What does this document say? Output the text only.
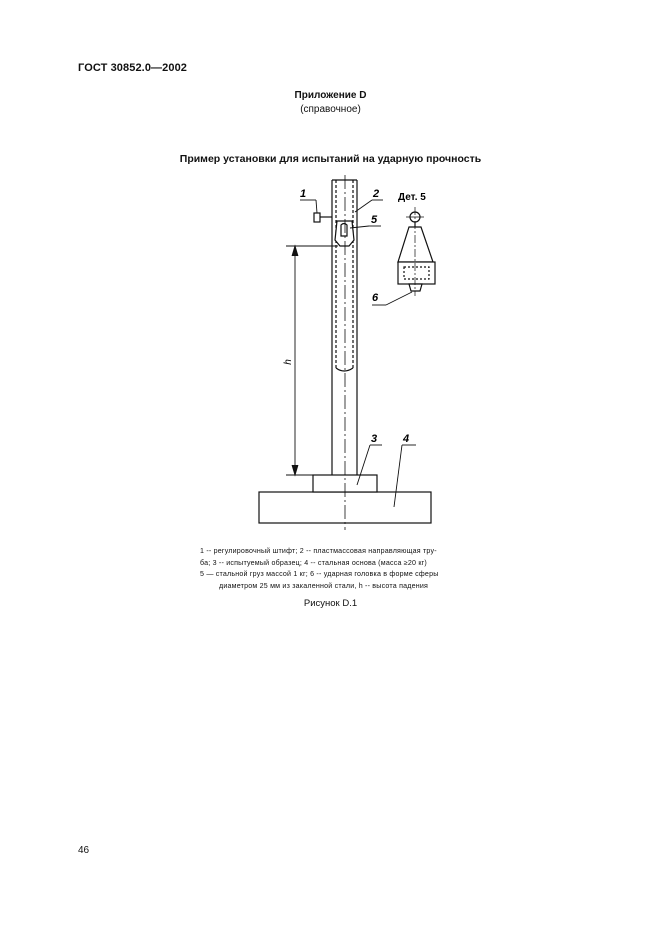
ГОСТ 30852.0—2002
Приложение D
(справочное)
Пример установки для испытаний на ударную прочность
h
1	2
5
3 4
6
Дет. 5

1 -- регулировочный штифт; 2 -- пластмассовая направляющая тру-

ба; 3 -- испытуемый образец; 4 -- стальная основа (масса ≥20 кг)

5 — стальной груз массой 1 кг; 6 -- ударная головка в форме сферы

диаметром 25 мм из закаленной стали, h -- высота падения

Рисунок D.1
46
